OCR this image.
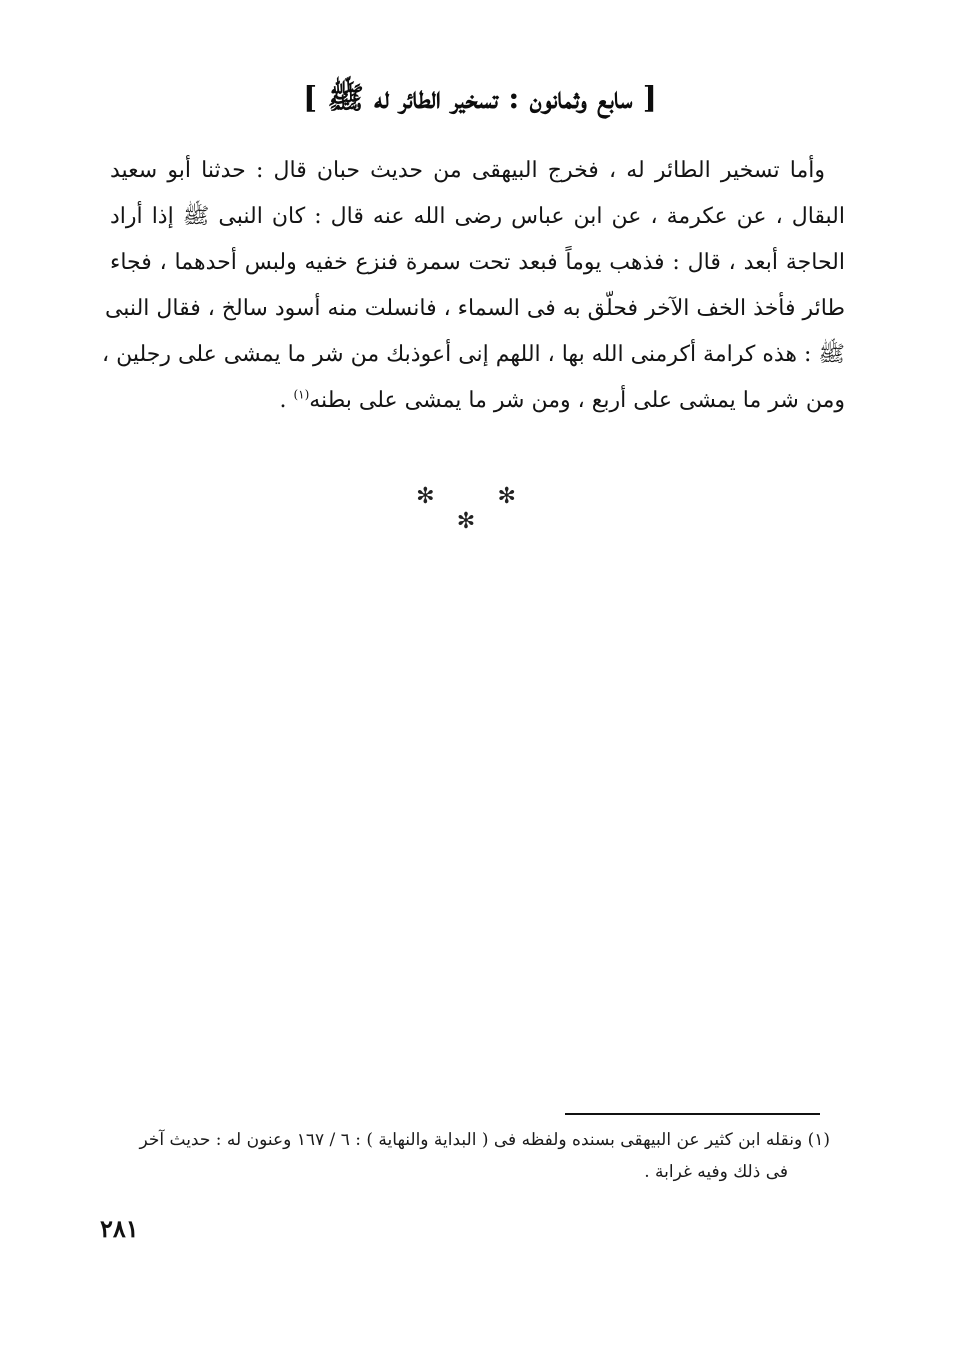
[ سابع وثمانون : تسخير الطائر له ﷺ ]
وأما تسخير الطائر له ، فخرج البيهقى من حديث حبان قال : حدثنا أبو سعيد
البقال ، عن عكرمة ، عن ابن عباس رضى الله عنه قال : كان النبى ﷺ إذا أراد
الحاجة أبعد ، قال : فذهب يوماً فبعد تحت سمرة فنزع خفيه ولبس أحدهما ، فجاء
طائر فأخذ الخف الآخر فحلّق به فى السماء ، فانسلت منه أسود سالخ ، فقال النبى
ﷺ : هذه كرامة أكرمنى الله بها ، اللهم إنى أعوذبك من شر ما يمشى على رجلين ،
ومن شر ما يمشى على أربع ، ومن شر ما يمشى على بطنه$^{(١)}$ .
✻ ✻ ✻
(١) ونقله ابن كثير عن البيهقى بسنده ولفظه فى ( البداية والنهاية ) : ٦ / ١٦٧ وعنون له : حديث آخر
فى ذلك وفيه غرابة .
٢٨١
